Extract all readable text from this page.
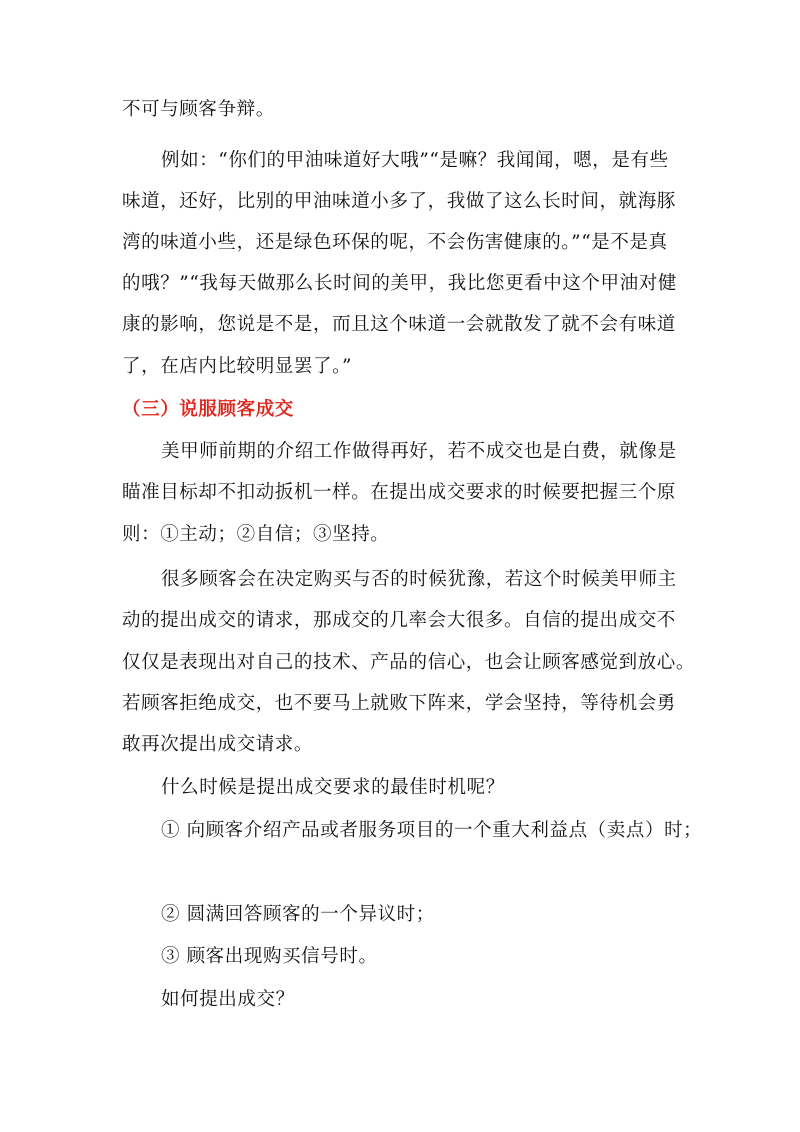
不可与顾客争辩。
例如：“你们的甲油味道好大哦”“是嘛？我闻闻，嗯，是有些
味道，还好，比别的甲油味道小多了，我做了这么长时间，就海豚
湾的味道小些，还是绿色环保的呢，不会伤害健康的。”“是不是真
的哦？”“我每天做那么长时间的美甲，我比您更看中这个甲油对健
康的影响，您说是不是，而且这个味道一会就散发了就不会有味道
了，在店内比较明显罢了。”
（三）说服顾客成交
美甲师前期的介绍工作做得再好，若不成交也是白费，就像是
瞄准目标却不扣动扳机一样。在提出成交要求的时候要把握三个原
则：①主动；②自信；③坚持。
很多顾客会在决定购买与否的时候犹豫，若这个时候美甲师主
动的提出成交的请求，那成交的几率会大很多。自信的提出成交不
仅仅是表现出对自己的技术、产品的信心，也会让顾客感觉到放心。
若顾客拒绝成交，也不要马上就败下阵来，学会坚持，等待机会勇
敢再次提出成交请求。
什么时候是提出成交要求的最佳时机呢？
① 向顾客介绍产品或者服务项目的一个重大利益点（卖点）时；
② 圆满回答顾客的一个异议时；
③ 顾客出现购买信号时。
如何提出成交？
